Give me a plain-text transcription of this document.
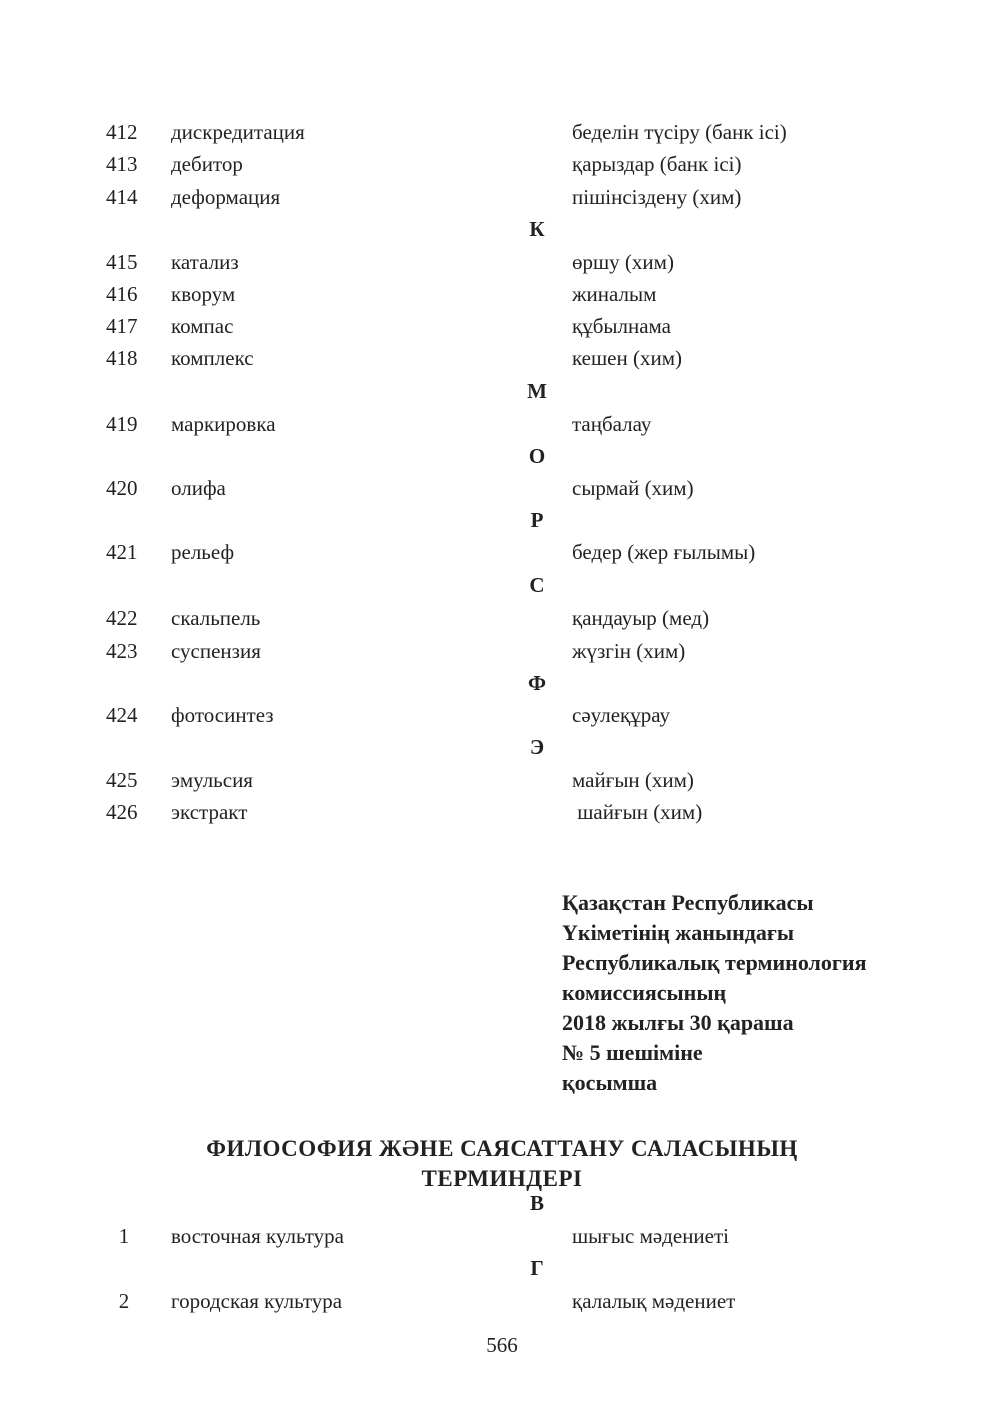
412	дискредитация	беделін түсіру (банк ісі)
413	дебитор	қарыздар (банк ісі)
414	деформация	пішінсіздену (хим)
К
415	катализ	өршу (хим)
416	кворум	жиналым
417	компас	құбылнама
418	комплекс	кешен (хим)
М
419	маркировка	таңбалау
О
420	олифа	сырмай (хим)
Р
421	рельеф	бедер (жер ғылымы)
С
422	скальпель	қандауыр (мед)
423	суспензия	жүзгін (хим)
Ф
424	фотосинтез	сәулеқұрау
Э
425	эмульсия	майғын (хим)
426	экстракт	шайғын (хим)
Қазақстан Республикасы
Үкіметінің жанындағы
Республикалық терминология
комиссиясының
2018 жылғы 30 қараша
№ 5 шешіміне
қосымша
ФИЛОСОФИЯ ЖӘНЕ САЯСАТТАНУ САЛАСЫНЫҢ
ТЕРМИНДЕРІ
В
1	восточная культура	шығыс мәдениеті
Г
2	городская культура	қалалық мәдениет
566
